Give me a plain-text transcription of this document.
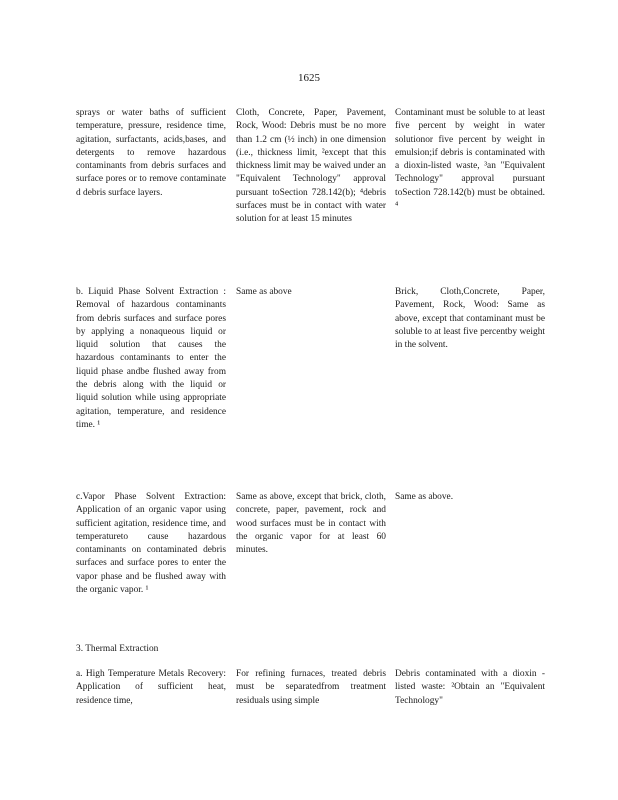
1625
sprays or water baths of sufficient temperature, pressure, residence time, agitation, surfactants, acids,bases, and detergents to remove hazardous contaminants from debris surfaces and surface pores or to remove contaminate d debris surface layers.
Cloth, Concrete, Paper, Pavement, Rock, Wood: Debris must be no more than 1.2 cm (½ inch) in one dimension (i.e., thickness limit, ²except that this thickness limit may be waived under an "Equivalent Technology" approval pursuant toSection 728.142(b); ⁴debris surfaces must be in contact with water solution for at least 15 minutes
Contaminant must be soluble to at least five percent by weight in water solutionor five percent by weight in emulsion;if debris is contaminated with a dioxin-listed waste, ³an "Equivalent Technology" approval pursuant toSection 728.142(b) must be obtained. ⁴
b. Liquid Phase Solvent Extraction : Removal of hazardous contaminants from debris surfaces and surface pores by applying a nonaqueous liquid or liquid solution that causes the hazardous contaminants to enter the liquid phase andbe flushed away from the debris along with the liquid or liquid solution while using appropriate agitation, temperature, and residence time. ¹
Same as above	Brick, Cloth,Concrete, Paper, Pavement, Rock, Wood: Same as above, except that contaminant must be soluble to at least five percentby weight in the solvent.
c.Vapor Phase Solvent Extraction: Application of an organic vapor using sufficient agitation, residence time, and temperatureto cause hazardous contaminants on contaminated debris surfaces and surface pores to enter the vapor phase and be flushed away with the organic vapor. ¹
Same as above, except that brick, cloth, concrete, paper, pavement, rock and wood surfaces must be in contact with the organic vapor for at least 60 minutes.
Same as above.
3. Thermal Extraction
a. High Temperature Metals Recovery: Application of sufficient heat, residence time,
For refining furnaces, treated debris must be separatedfrom treatment residuals using simple
Debris contaminated with a dioxin -listed waste: ²Obtain an "Equivalent Technology"
